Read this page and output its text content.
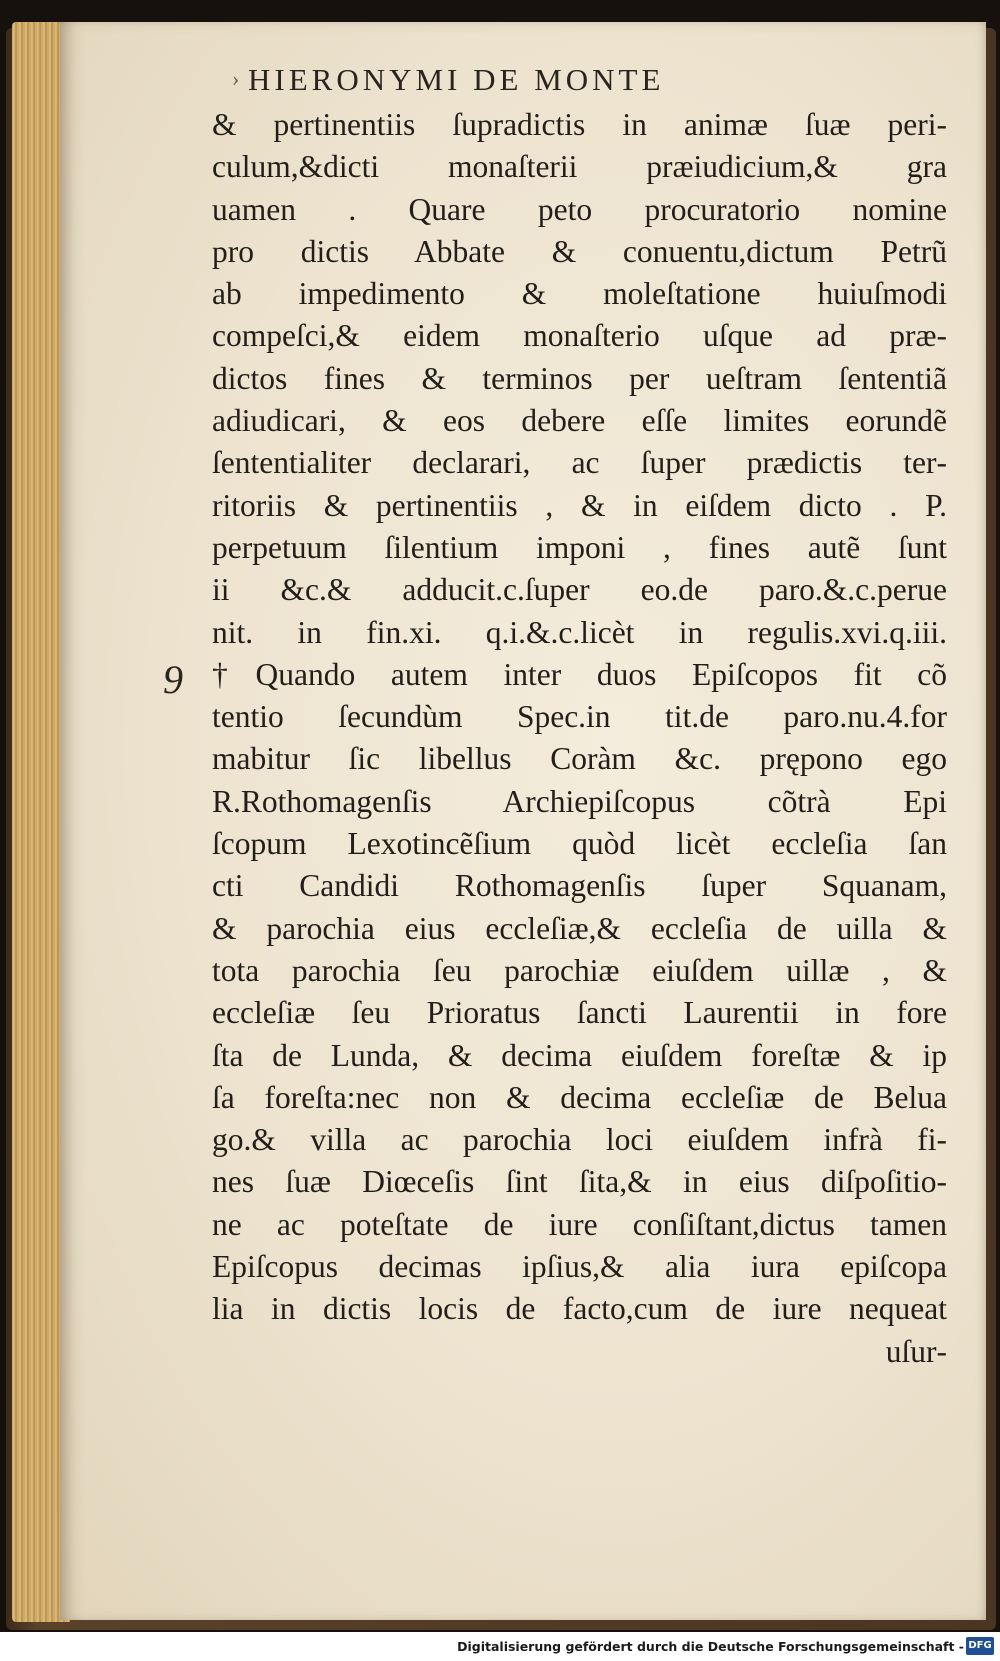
› HIERONYMI DE MONTE
9
& pertinentiis ſupradictis in animæ ſuæ peri‐
culum,&dicti monaſterii præiudicium,& gra
uamen . Quare peto procuratorio nomine
pro dictis Abbate & conuentu,dictum Petrũ
ab impedimento & moleſtatione huiuſmodi
compeſci,& eidem monaſterio uſque ad præ‐
dictos fines & terminos per ueſtram ſententiã
adiudicari, & eos debere eſſe limites eorundẽ
ſententialiter declarari, ac ſuper prædictis ter‐
ritoriis & pertinentiis , & in eiſdem dicto . P.
perpetuum ſilentium imponi , fines autẽ ſunt
ii &c.& adducit.c.ſuper eo.de paro.&.c.perue
nit. in fin.xi. q.i.&.c.licèt in regulis.xvi.q.iii.
†Quando autem inter duos Epiſcopos fit cõ
tentio ſecundùm Spec.in tit.de paro.nu.4.for
mabitur ſic libellus Coràm &c. prępono ego
R.Rothomagenſis Archiepiſcopus cõtrà Epi
ſcopum Lexotincẽſium quòd licèt eccleſia ſan
cti Candidi Rothomagenſis ſuper Squanam,
& parochia eius eccleſiæ,& eccleſia de uilla &
tota parochia ſeu parochiæ eiuſdem uillæ , &
eccleſiæ ſeu Prioratus ſancti Laurentii in fore
ſta de Lunda, & decima eiuſdem foreſtæ & ip
ſa foreſta:nec non & decima eccleſiæ de Belua
go.& villa ac parochia loci eiuſdem infrà fi‐
nes ſuæ Diœceſis ſint ſita,& in eius diſpoſitio‐
ne ac poteſtate de iure conſiſtant,dictus tamen
Epiſcopus decimas ipſius,& alia iura epiſcopa
lia in dictis locis de facto,cum de iure nequeat
uſur‐

Digitalisierung gefördert durch die Deutsche Forschungsgemeinschaft - DFG
